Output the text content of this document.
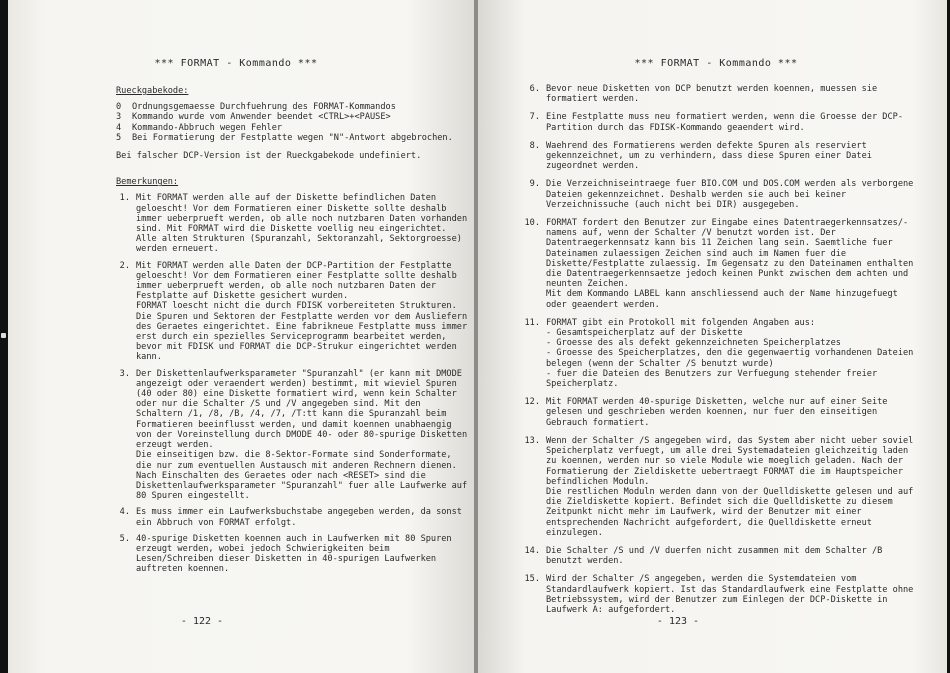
*** FORMAT - Kommando ***
Rueckgabekode:
0	Ordnungsgemaesse Durchfuehrung des FORMAT-Kommandos
3	Kommando wurde vom Anwender beendet <CTRL>+<PAUSE>
4	Kommando-Abbruch wegen Fehler
5	Bei Formatierung der Festplatte wegen "N"-Antwort abgebrochen.

Bei falscher DCP-Version ist der Rueckgabekode undefiniert.

Bemerkungen:
1. Mit FORMAT werden alle auf der Diskette befindlichen Daten geloescht! Vor dem Formatieren einer Diskette sollte deshalb immer ueberprueft werden, ob alle noch nutzbaren Daten vorhanden sind. Mit FORMAT wird die Diskette voellig neu eingerichtet. Alle alten Strukturen (Spuranzahl, Sektoranzahl, Sektorgroesse) werden erneuert.
2. Mit FORMAT werden alle Daten der DCP-Partition der Festplatte geloescht! Vor dem Formatieren einer Festplatte sollte deshalb immer ueberprueft werden, ob alle noch nutzbaren Daten der Festplatte auf Diskette gesichert wurden.
FORMAT loescht nicht die durch FDISK vorbereiteten Strukturen.
Die Spuren und Sektoren der Festplatte werden vor dem Ausliefern des Geraetes eingerichtet. Eine fabrikneue Festplatte muss immer erst durch ein spezielles Serviceprogramm bearbeitet werden, bevor mit FDISK und FORMAT die DCP-Strukur eingerichtet werden kann.
3. Der Diskettenlaufwerksparameter "Spuranzahl" (er kann mit DMODE angezeigt oder veraendert werden) bestimmt, mit wieviel Spuren (40 oder 80) eine Diskette formatiert wird, wenn kein Schalter oder nur die Schalter /S und /V angegeben sind. Mit den Schaltern /1, /8, /B, /4, /7, /T:tt kann die Spuranzahl beim Formatieren beeinflusst werden, und damit koennen unabhaengig von der Voreinstellung durch DMODE 40- oder 80-spurige Disketten erzeugt werden.
Die einseitigen bzw. die 8-Sektor-Formate sind Sonderformate, die nur zum eventuellen Austausch mit anderen Rechnern dienen.
Nach Einschalten des Geraetes oder nach <RESET> sind die Diskettenlaufwerksparameter "Spuranzahl" fuer alle Laufwerke auf 80 Spuren eingestellt.
4. Es muss immer ein Laufwerksbuchstabe angegeben werden, da sonst ein Abbruch von FORMAT erfolgt.
5. 40-spurige Disketten koennen auch in Laufwerken mit 80 Spuren erzeugt werden, wobei jedoch Schwierigkeiten beim Lesen/Schreiben dieser Disketten in 40-spurigen Laufwerken auftreten koennen.
- 122 -
*** FORMAT - Kommando ***
6. Bevor neue Disketten von DCP benutzt werden koennen, muessen sie formatiert werden.
7. Eine Festplatte muss neu formatiert werden, wenn die Groesse der DCP-Partition durch das FDISK-Kommando geaendert wird.
8. Waehrend des Formatierens werden defekte Spuren als reserviert gekennzeichnet, um zu verhindern, dass diese Spuren einer Datei zugeordnet werden.
9. Die Verzeichniseintraege fuer BIO.COM und DOS.COM werden als verborgene Dateien gekennzeichnet. Deshalb werden sie auch bei keiner Verzeichnissuche (auch nicht bei DIR) ausgegeben.
10. FORMAT fordert den Benutzer zur Eingabe eines Datentraegerkennsatzes/-namens auf, wenn der Schalter /V benutzt worden ist. Der Datentraegerkennsatz kann bis 11 Zeichen lang sein. Saemtliche fuer Dateinamen zulaessigen Zeichen sind auch im Namen fuer die Diskette/Festplatte zulaessig. Im Gegensatz zu den Dateinamen enthalten die Datentraegerkennsaetze jedoch keinen Punkt zwischen dem achten und neunten Zeichen.
Mit dem Kommando LABEL kann anschliessend auch der Name hinzugefuegt oder geaendert werden.
11. FORMAT gibt ein Protokoll mit folgenden Angaben aus:
- Gesamtspeicherplatz auf der Diskette
- Groesse des als defekt gekennzeichneten Speicherplatzes
- Groesse des Speicherplatzes, den die gegenwaertig vorhandenen Dateien belegen (wenn der Schalter /S benutzt wurde)
- fuer die Dateien des Benutzers zur Verfuegung stehender freier Speicherplatz.
12. Mit FORMAT werden 40-spurige Disketten, welche nur auf einer Seite gelesen und geschrieben werden koennen, nur fuer den einseitigen Gebrauch formatiert.
13. Wenn der Schalter /S angegeben wird, das System aber nicht ueber soviel Speicherplatz verfuegt, um alle drei Systemadateien gleichzeitig laden zu koennen, werden nur so viele Module wie moeglich geladen. Nach der Formatierung der Zieldiskette uebertraegt FORMAT die im Hauptspeicher befindlichen Moduln.
Die restlichen Moduln werden dann von der Quelldiskette gelesen und auf die Zieldiskette kopiert. Befindet sich die Quelldiskette zu diesem Zeitpunkt nicht mehr im Laufwerk, wird der Benutzer mit einer entsprechenden Nachricht aufgefordert, die Quelldiskette erneut einzulegen.
14. Die Schalter /S und /V duerfen nicht zusammen mit dem Schalter /B benutzt werden.
15. Wird der Schalter /S angegeben, werden die Systemdateien vom Standardlaufwerk kopiert. Ist das Standardlaufwerk eine Festplatte ohne Betriebssystem, wird der Benutzer zum Einlegen der DCP-Diskette in Laufwerk A: aufgefordert.
- 123 -
